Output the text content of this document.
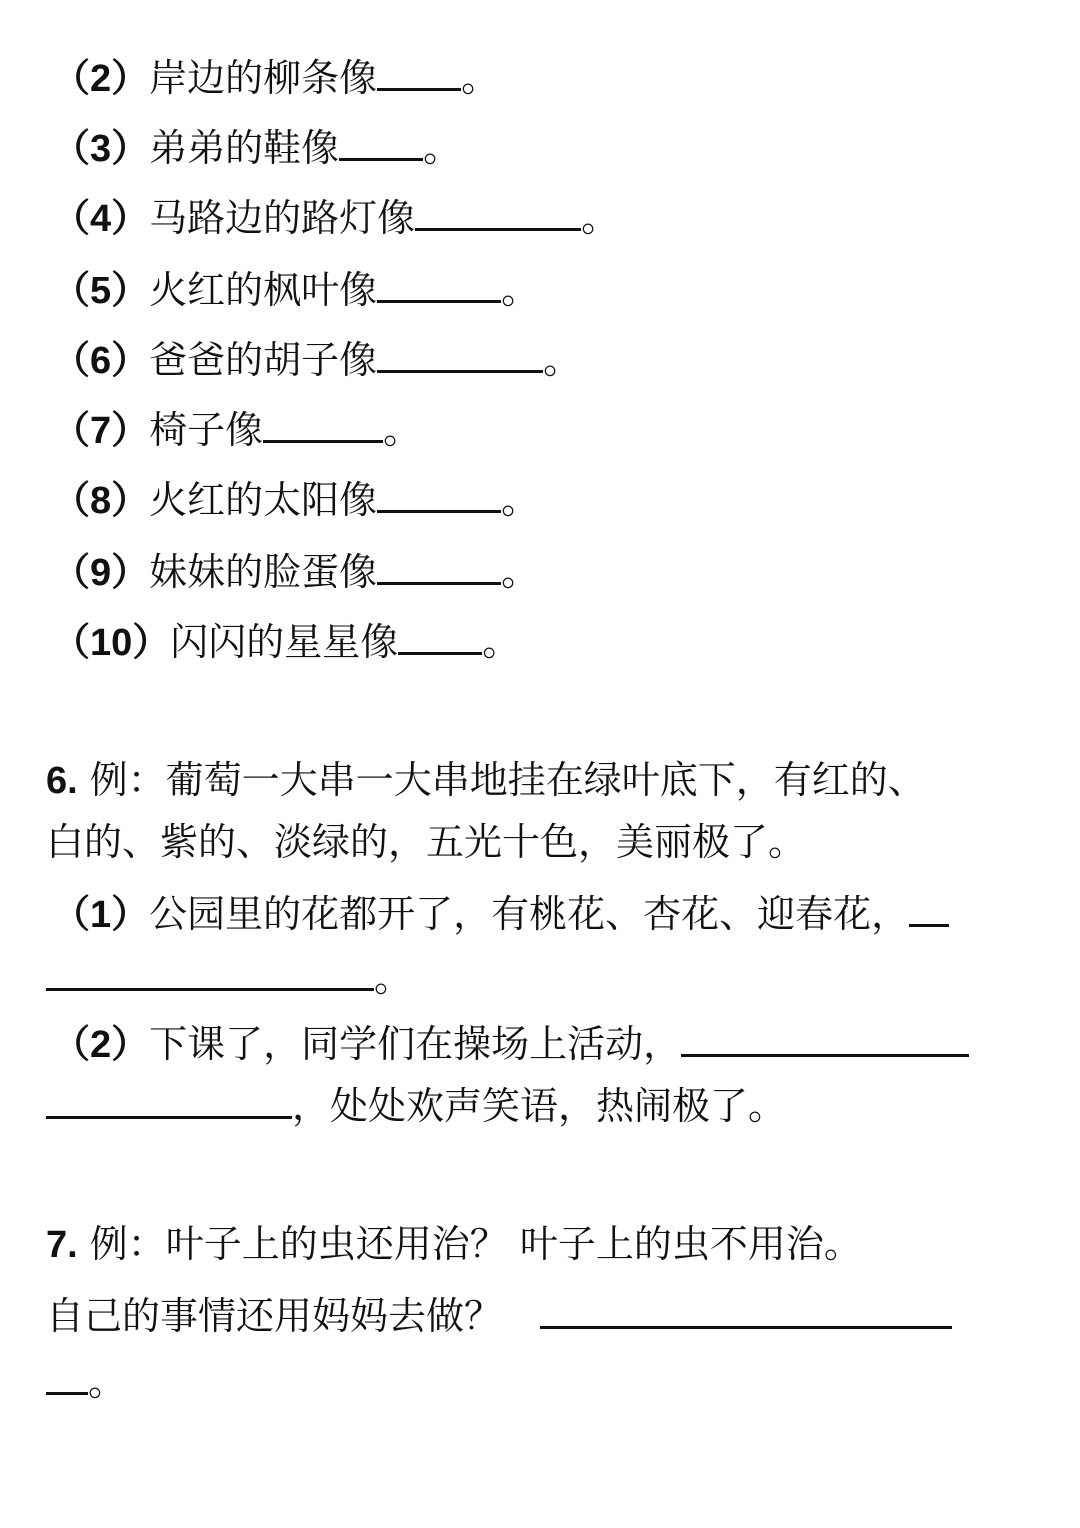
（2）岸边的柳条像 。
（3）弟弟的鞋像 。
（4）马路边的路灯像	。
（5）火红的枫叶像	。
（6）爸爸的胡子像	。
（7）椅子像	。
（8）火红的太阳像	。
（9）妹妹的脸蛋像	。
（10）闪闪的星星像 。
6. 例：葡萄一大串一大串地挂在绿叶底下，有红的、
白的、紫的、淡绿的，五光十色，美丽极了。
（1）公园里的花都开了，有桃花、杏花、迎春花，
。
（2）下课了，同学们在操场上活动，
，处处欢声笑语，热闹极了。
7. 例：叶子上的虫还用治？ 叶子上的虫不用治。
自己的事情还用妈妈去做？
。
